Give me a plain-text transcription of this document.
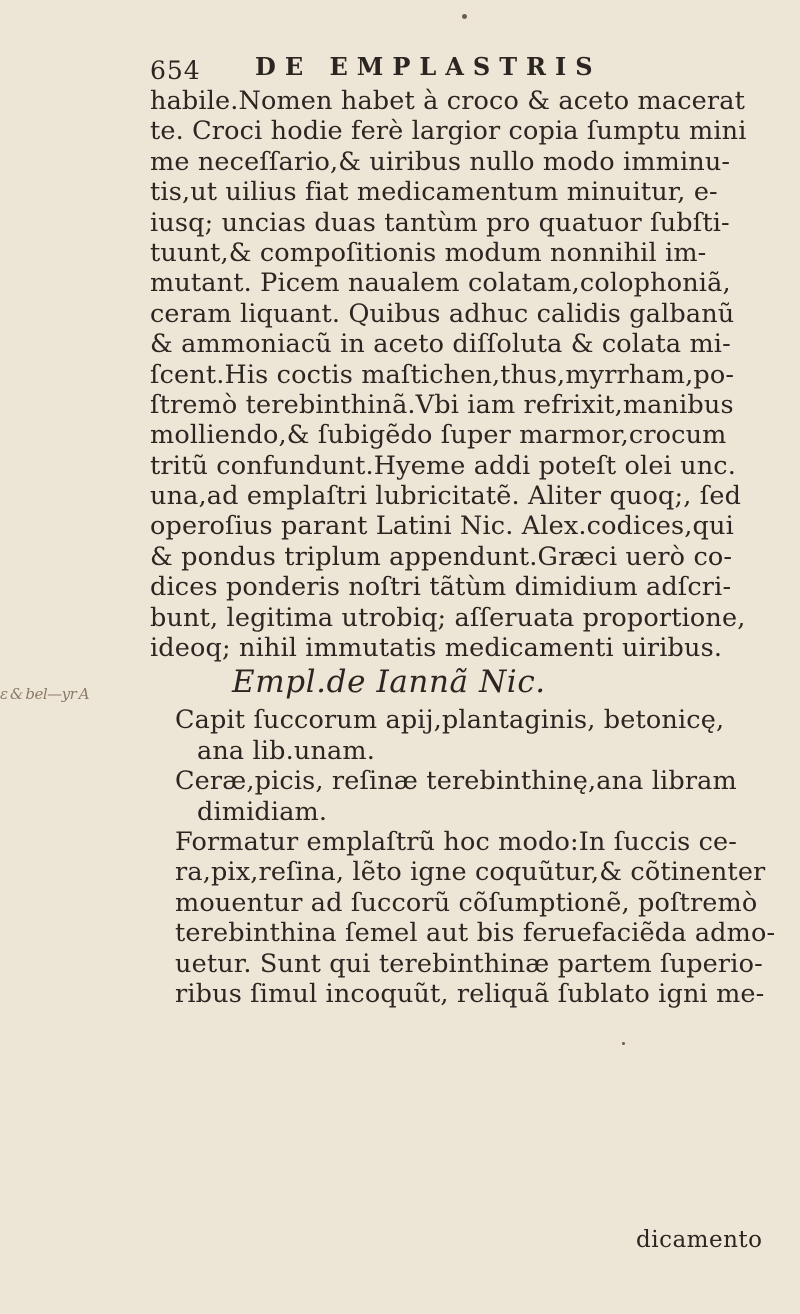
654 DE EMPLASTRIS
habile.Nomen habet à croco & aceto macerat
te. Croci hodie ferè largior copia ſumptu mini
me neceſſario,& uiribus nullo modo imminu-
tis,ut uilius fiat medicamentum minuitur, e-
iusq; uncias duas tantùm pro quatuor ſubſti-
tuunt,& compoſitionis modum nonnihil im-
mutant. Picem naualem colatam,colophoniã,
ceram liquant. Quibus adhuc calidis galbanũ
& ammoniacũ in aceto diſſoluta & colata mi-
ſcent.His coctis maſtichen,thus,myrrham,po-
ſtremò terebinthinã.Vbi iam refrixit,manibus
molliendo,& ſubigẽdo ſuper marmor,crocum
tritũ confundunt.Hyeme addi poteſt olei unc.
una,ad emplaſtri lubricitatẽ. Aliter quoq;, ſed
operoſius parant Latini Nic. Alex.codices,qui
& pondus triplum appendunt.Græci uerò co-
dices ponderis noſtri tãtùm dimidium adſcri-
bunt, legitima utrobiq; aſſeruata proportione,
ideoq; nihil immutatis medicamenti uiribus.
ɛ & bel⁠—y⁠⁠r A	Empl.de Iannã Nic.
Capit ſuccorum apij,plantaginis, betonicę,
ana lib.unam.
Ceræ,picis, reſinæ terebinthinę,ana libram
dimidiam.
Formatur emplaſtrũ hoc modo:In ſuccis ce-
ra,pix,reſina, lẽto igne coquũtur,& cõtinenter
mouentur ad ſuccorũ cõſumptionẽ, poſtremò
terebinthina ſemel aut bis feruefaciẽda admo-
uetur. Sunt qui terebinthinæ partem ſuperio-
ribus ſimul incoquũt, reliquã ſublato igni me-
dicamento
